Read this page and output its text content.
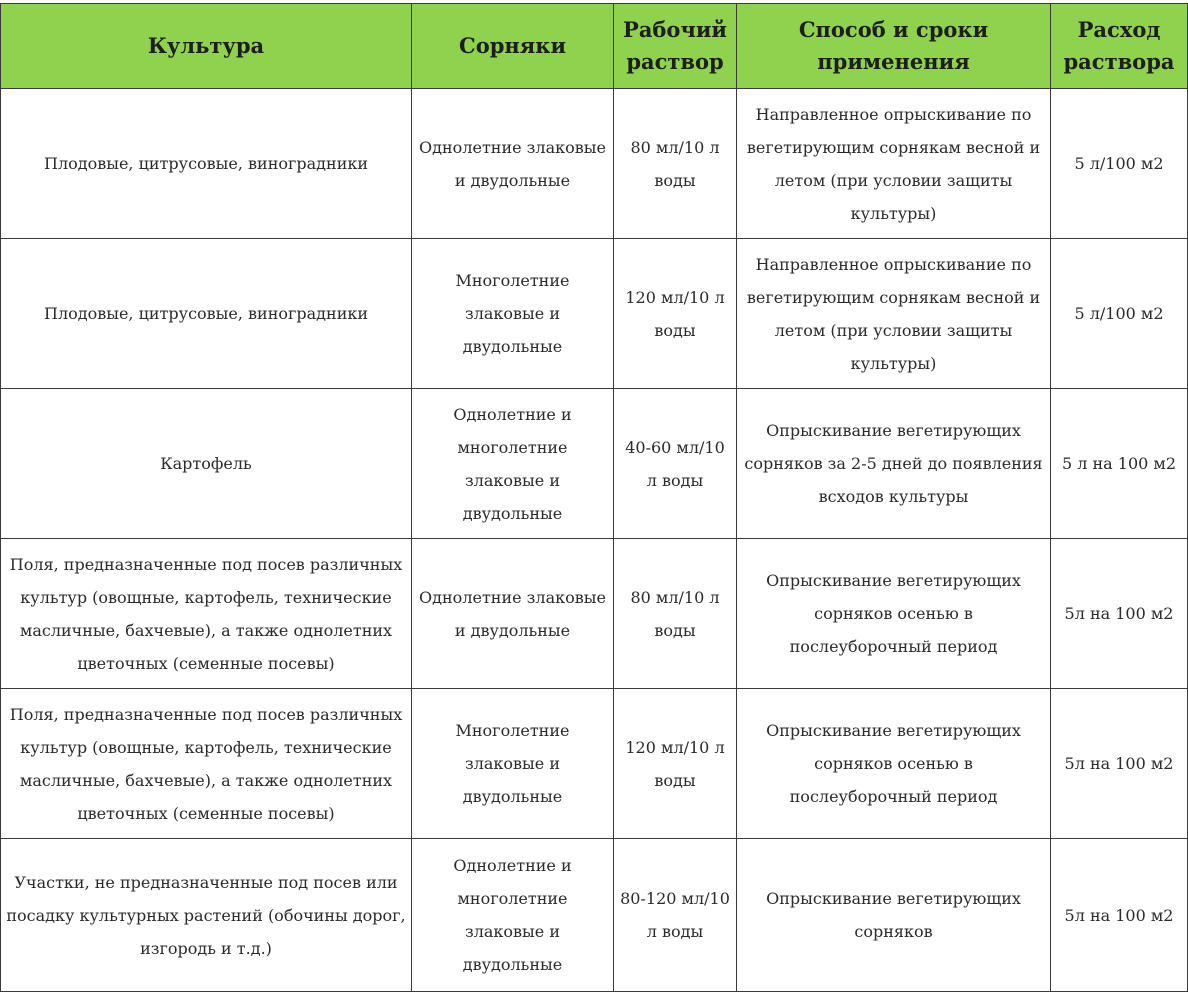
Культура	Сорняки	Рабочий раствор	Способ и сроки применения	Расход раствора

Плодовые, цитрусовые, виноградники	Однолетние злаковые и двудольные	80 мл/10 л воды	Направленное опрыскивание по вегетирующим сорнякам весной и летом (при условии защиты культуры)	5 л/100 м2

Плодовые, цитрусовые, виноградники	Многолетние злаковые и двудольные	120 мл/10 л воды	Направленное опрыскивание по вегетирующим сорнякам весной и летом (при условии защиты культуры)	5 л/100 м2

Картофель	Однолетние и многолетние злаковые и двудольные	40-60 мл/10 л воды	Опрыскивание вегетирующих сорняков за 2-5 дней до появления всходов культуры	5 л на 100 м2

Поля, предназначенные под посев различных культур (овощные, картофель, технические масличные, бахчевые), а также однолетних цветочных (семенные посевы)	Однолетние злаковые и двудольные	80 мл/10 л воды	Опрыскивание вегетирующих сорняков осенью в послеуборочный период	5л на 100 м2

Поля, предназначенные под посев различных культур (овощные, картофель, технические масличные, бахчевые), а также однолетних цветочных (семенные посевы)	Многолетние злаковые и двудольные	120 мл/10 л воды	Опрыскивание вегетирующих сорняков осенью в послеуборочный период	5л на 100 м2

Участки, не предназначенные под посев или посадку культурных растений (обочины дорог, изгородь и т.д.)	Однолетние и многолетние злаковые и двудольные	80-120 мл/10 л воды	Опрыскивание вегетирующих сорняков	5л на 100 м2
